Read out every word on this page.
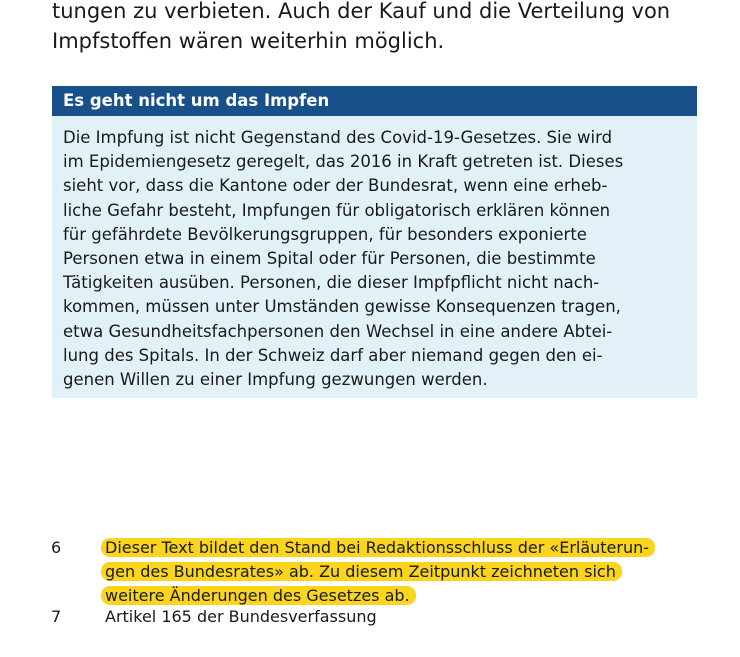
tungen zu verbieten. Auch der Kauf und die Verteilung von
Impfstoffen wären weiterhin möglich.
Es geht nicht um das Impfen
Die Impfung ist nicht Gegenstand des Covid-19-Gesetzes. Sie wird
im Epidemiengesetz geregelt, das 2016 in Kraft getreten ist. Dieses
sieht vor, dass die Kantone oder der Bundesrat, wenn eine erheb-
liche Gefahr besteht, Impfungen für obligatorisch erklären können
für gefährdete Bevölkerungsgruppen, für besonders exponierte
Personen etwa in einem Spital oder für Personen, die bestimmte
Tätigkeiten ausüben. Personen, die dieser Impfpflicht nicht nach-
kommen, müssen unter Umständen gewisse Konsequenzen tragen,
etwa Gesundheitsfachpersonen den Wechsel in eine andere Abtei-
lung des Spitals. In der Schweiz darf aber niemand gegen den ei-
genen Willen zu einer Impfung gezwungen werden.
6	Dieser Text bildet den Stand bei Redaktionsschluss der «Erläuterun-
gen des Bundesrates» ab. Zu diesem Zeitpunkt zeichneten sich
weitere Änderungen des Gesetzes ab.
7	Artikel 165 der Bundesverfassung
